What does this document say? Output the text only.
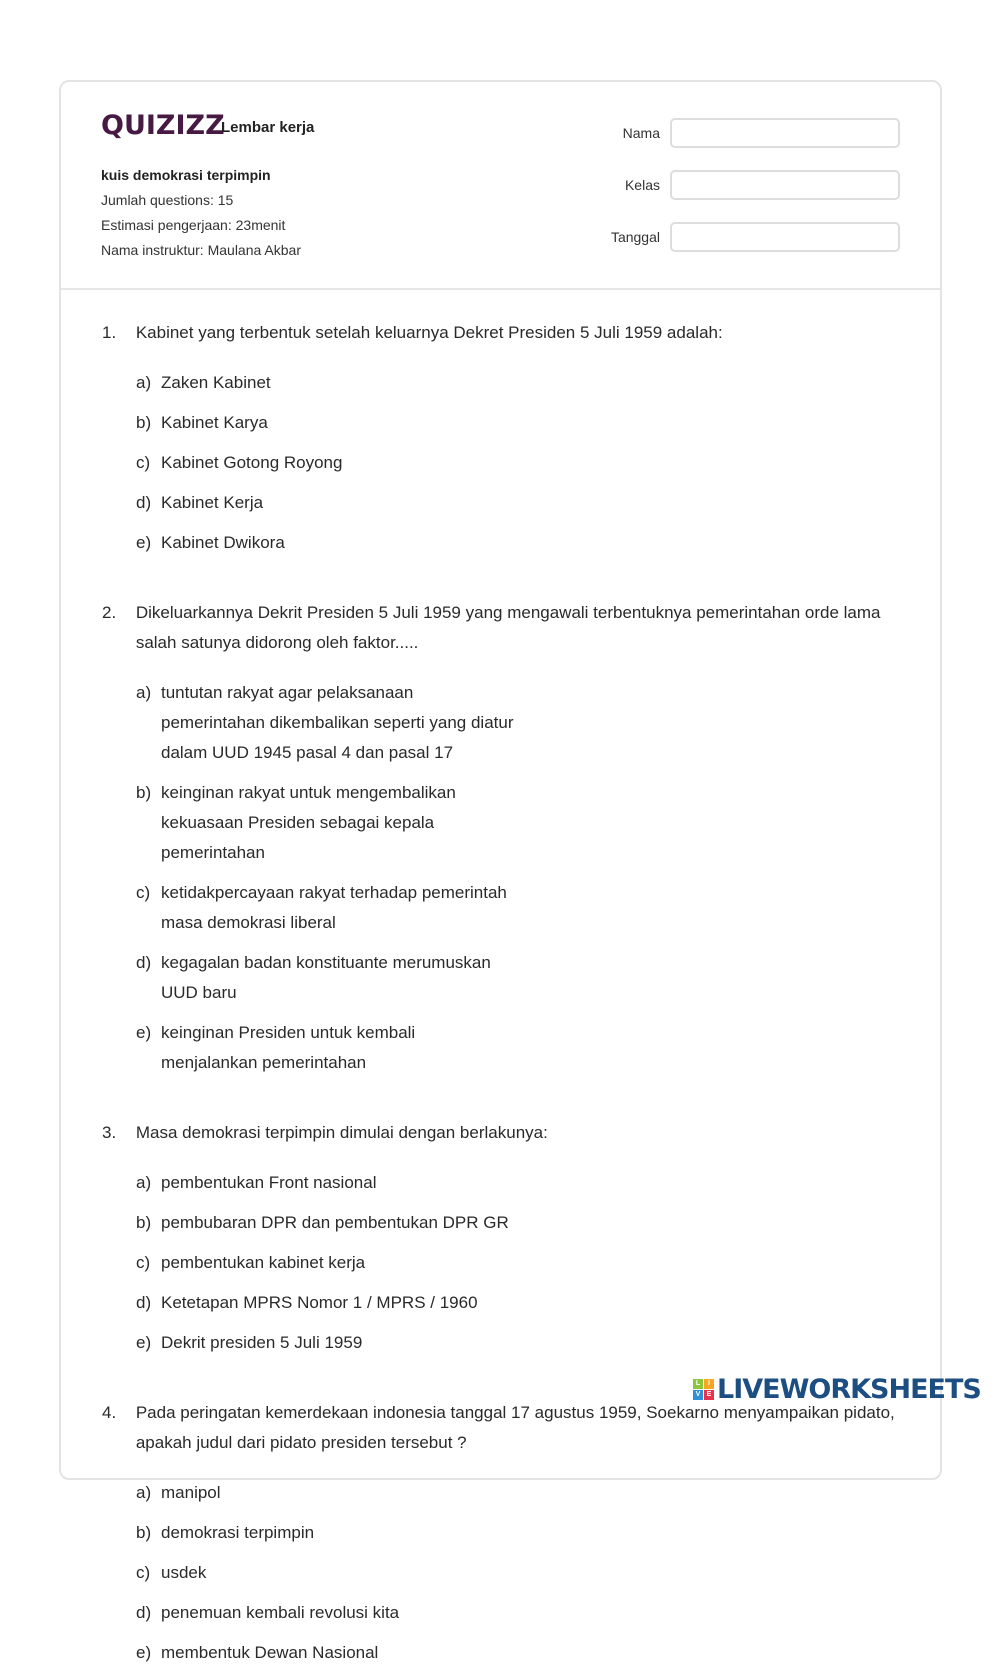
QUIZIZZ
Lembar kerja
kuis demokrasi terpimpin
Jumlah questions: 15
Estimasi pengerjaan: 23menit
Nama instruktur: Maulana Akbar
Nama
Kelas
Tanggal
1.	Kabinet yang terbentuk setelah keluarnya Dekret Presiden 5 Juli 1959 adalah:
a) Zaken Kabinet
b) Kabinet Karya
c) Kabinet Gotong Royong
d) Kabinet Kerja
e) Kabinet Dwikora
2.	Dikeluarkannya Dekrit Presiden 5 Juli 1959 yang mengawali terbentuknya pemerintahan orde lama salah satunya didorong oleh faktor.....
a) tuntutan rakyat agar pelaksanaan pemerintahan dikembalikan seperti yang diatur dalam UUD 1945 pasal 4 dan pasal 17
b) keinginan rakyat untuk mengembalikan kekuasaan Presiden sebagai kepala pemerintahan
c) ketidakpercayaan rakyat terhadap pemerintah masa demokrasi liberal
d) kegagalan badan konstituante merumuskan UUD baru
e) keinginan Presiden untuk kembali menjalankan pemerintahan
3.	Masa demokrasi terpimpin dimulai dengan berlakunya:
a) pembentukan Front nasional
b) pembubaran DPR dan pembentukan DPR GR
c) pembentukan kabinet kerja
d) Ketetapan MPRS Nomor 1 / MPRS / 1960
e) Dekrit presiden 5 Juli 1959
4.	Pada peringatan kemerdekaan indonesia tanggal 17 agustus 1959, Soekarno menyampaikan pidato, apakah judul dari pidato presiden tersebut ?
a) manipol
b) demokrasi terpimpin
c) usdek
d) penemuan kembali revolusi kita
e) membentuk Dewan Nasional
L	I
V E LIVEWORKSHEETS
